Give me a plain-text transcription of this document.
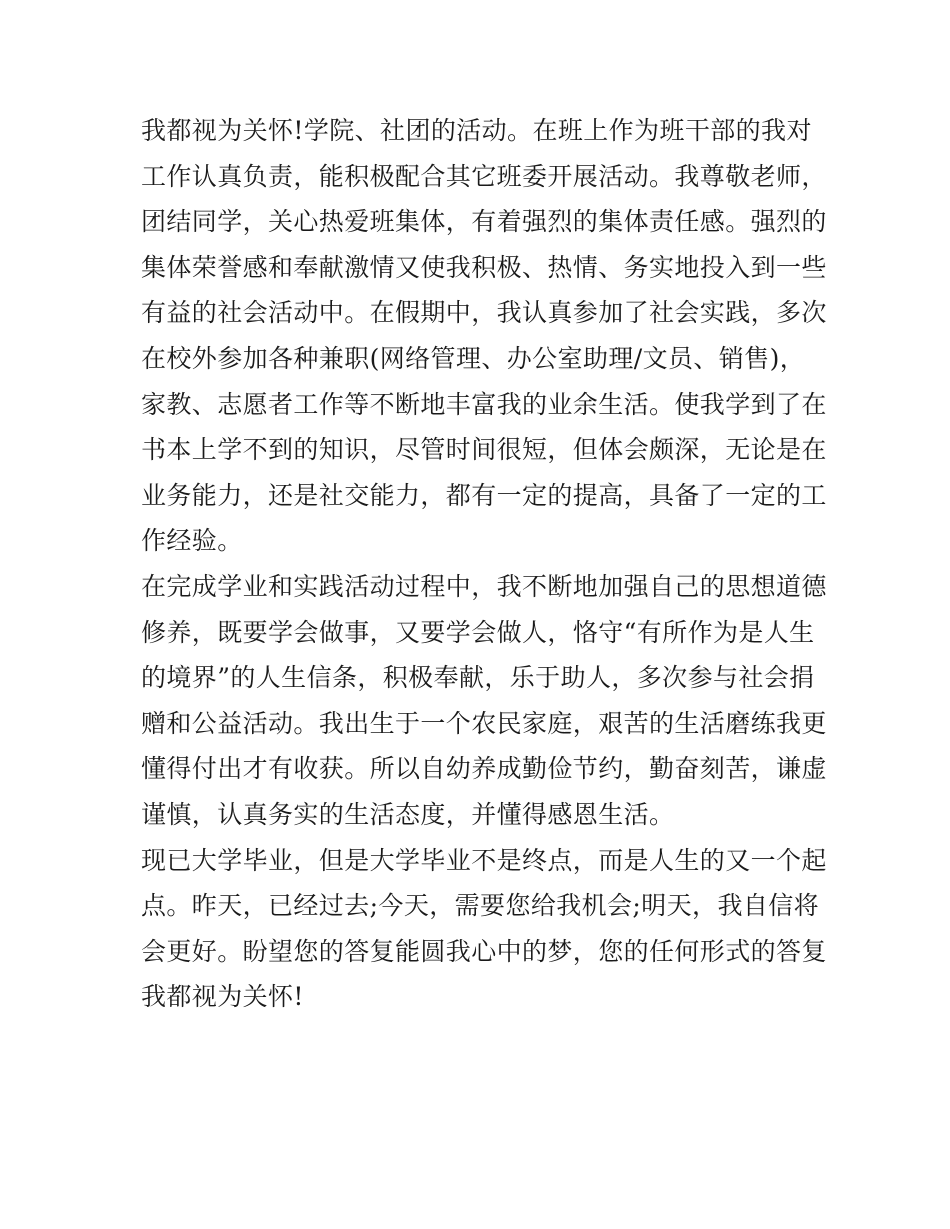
我都视为关怀!学院、社团的活动。在班上作为班干部的我对
工作认真负责，能积极配合其它班委开展活动。我尊敬老师，
团结同学，关心热爱班集体，有着强烈的集体责任感。强烈的
集体荣誉感和奉献激情又使我积极、热情、务实地投入到一些
有益的社会活动中。在假期中，我认真参加了社会实践，多次
在校外参加各种兼职(网络管理、办公室助理/文员、销售)，
家教、志愿者工作等不断地丰富我的业余生活。使我学到了在
书本上学不到的知识，尽管时间很短，但体会颇深，无论是在
业务能力，还是社交能力，都有一定的提高，具备了一定的工
作经验。
在完成学业和实践活动过程中，我不断地加强自己的思想道德
修养，既要学会做事，又要学会做人，恪守“有所作为是人生
的境界”的人生信条，积极奉献，乐于助人，多次参与社会捐
赠和公益活动。我出生于一个农民家庭，艰苦的生活磨练我更
懂得付出才有收获。所以自幼养成勤俭节约，勤奋刻苦，谦虚
谨慎，认真务实的生活态度，并懂得感恩生活。
现已大学毕业，但是大学毕业不是终点，而是人生的又一个起
点。昨天，已经过去;今天，需要您给我机会;明天，我自信将
会更好。盼望您的答复能圆我心中的梦，您的任何形式的答复
我都视为关怀!
